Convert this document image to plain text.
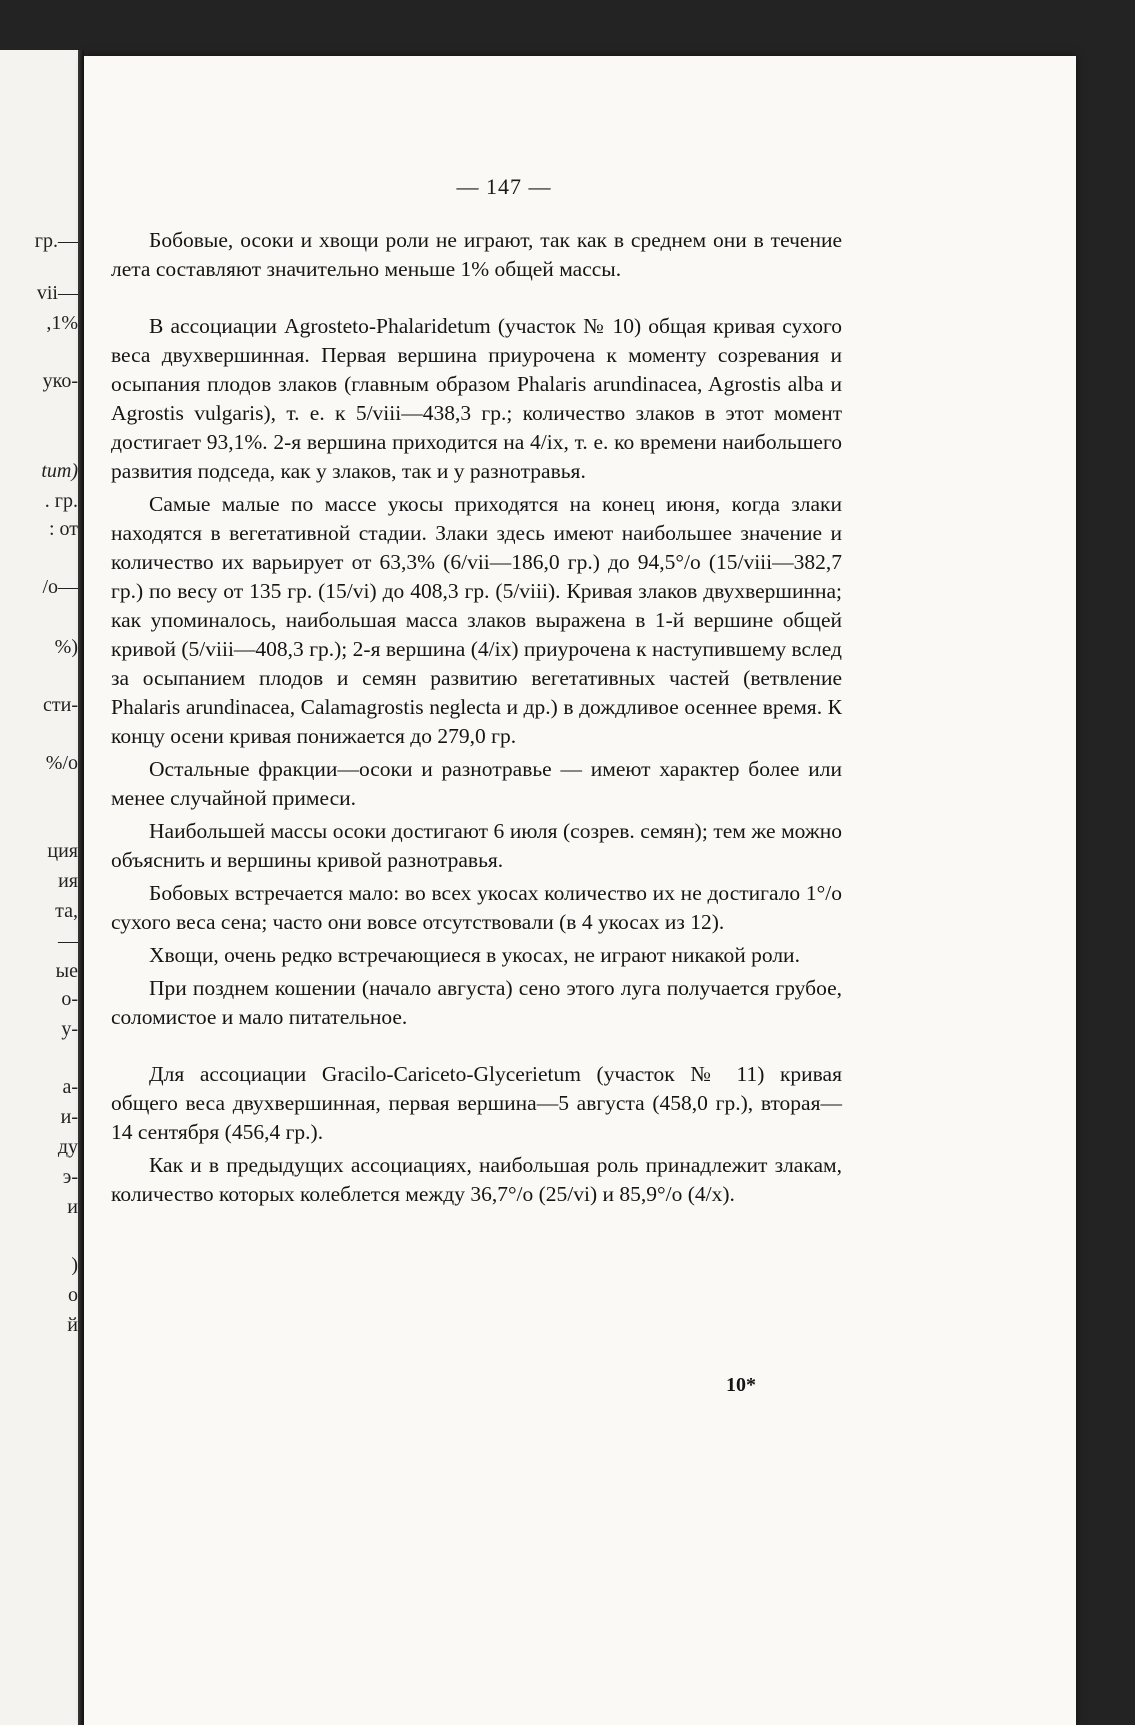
гр.—
vii—
,1%
уко-
tum)
. гр.
: от
/о—
%)
сти-
%/о
ция
ия
та,
—
ые
о-
у-
а-
и-
ду
э-
и
)
о
й
— 147 —

Бобовые, осоки и хвощи роли не играют, так как в среднем они в течение лета составляют значительно меньше 1% общей массы.

В ассоциации Agrosteto-Phalaridetum (участок № 10) общая кривая сухого веса двухвершинная. Первая вершина приурочена к моменту созревания и осыпания плодов злаков (главным образом Phalaris arundinacea, Agrostis alba и Agrostis vulgaris), т. е. к 5/viii—438,3 гр.; количество злаков в этот момент достигает 93,1%. 2-я вершина приходится на 4/ix, т. е. ко времени наибольшего развития подседа, как у злаков, так и у разнотравья.

Самые малые по массе укосы приходятся на конец июня, когда злаки находятся в вегетативной стадии. Злаки здесь имеют наибольшее значение и количество их варьирует от 63,3% (6/vii—186,0 гр.) до 94,5°/о (15/viii—382,7 гр.) по весу от 135 гр. (15/vi) до 408,3 гр. (5/viii). Кривая злаков двухвершинна; как упоминалось, наибольшая масса злаков выражена в 1-й вершине общей кривой (5/viii—408,3 гр.); 2-я вершина (4/ix) приурочена к наступившему вслед за осыпанием плодов и семян развитию вегетативных частей (ветвление Phalaris arundinacea, Calamagrostis neglecta и др.) в дождливое осеннее время. К концу осени кривая понижается до 279,0 гр.

Остальные фракции—осоки и разнотравье — имеют характер более или менее случайной примеси.

Наибольшей массы осоки достигают 6 июля (созрев. семян); тем же можно объяснить и вершины кривой разнотравья.

Бобовых встречается мало: во всех укосах количество их не достигало 1°/о сухого веса сена; часто они вовсе отсутствовали (в 4 укосах из 12).

Хвощи, очень редко встречающиеся в укосах, не играют никакой роли.

При позднем кошении (начало августа) сено этого луга получается грубое, соломистое и мало питательное.

Для ассоциации Gracilo-Cariceto-Glycerietum (участок № 11) кривая общего веса двухвершинная, первая вершина—5 августа (458,0 гр.), вторая—14 сентября (456,4 гр.).

Как и в предыдущих ассоциациях, наибольшая роль принадлежит злакам, количество которых колеблется между 36,7°/о (25/vi) и 85,9°/о (4/x).

10*
